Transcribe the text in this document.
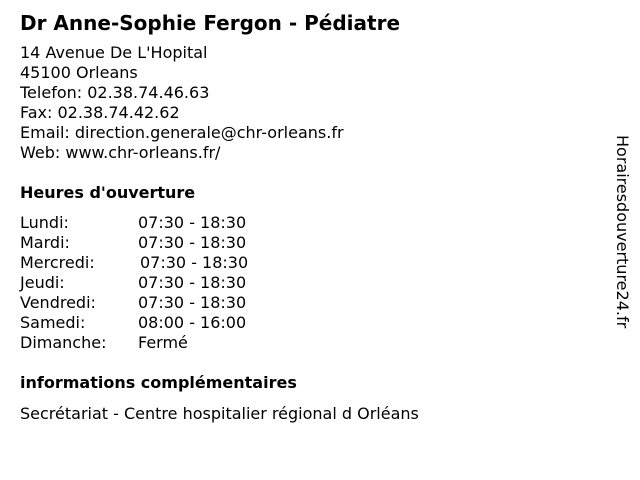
Dr Anne-Sophie Fergon - Pédiatre
14 Avenue De L'Hopital
45100 Orleans
Telefon: 02.38.74.46.63
Fax: 02.38.74.42.62
Email: direction.generale@chr-orleans.fr
Web: www.chr-orleans.fr/
Heures d'ouverture
Lundi:	07:30 - 18:30
Mardi:	07:30 - 18:30
Mercredi:	07:30 - 18:30
Jeudi:	07:30 - 18:30
Vendredi:	07:30 - 18:30
Samedi:	08:00 - 16:00
Dimanche: Fermé
informations complémentaires
Secrétariat - Centre hospitalier régional d Orléans
Horairesdouverture24.fr
